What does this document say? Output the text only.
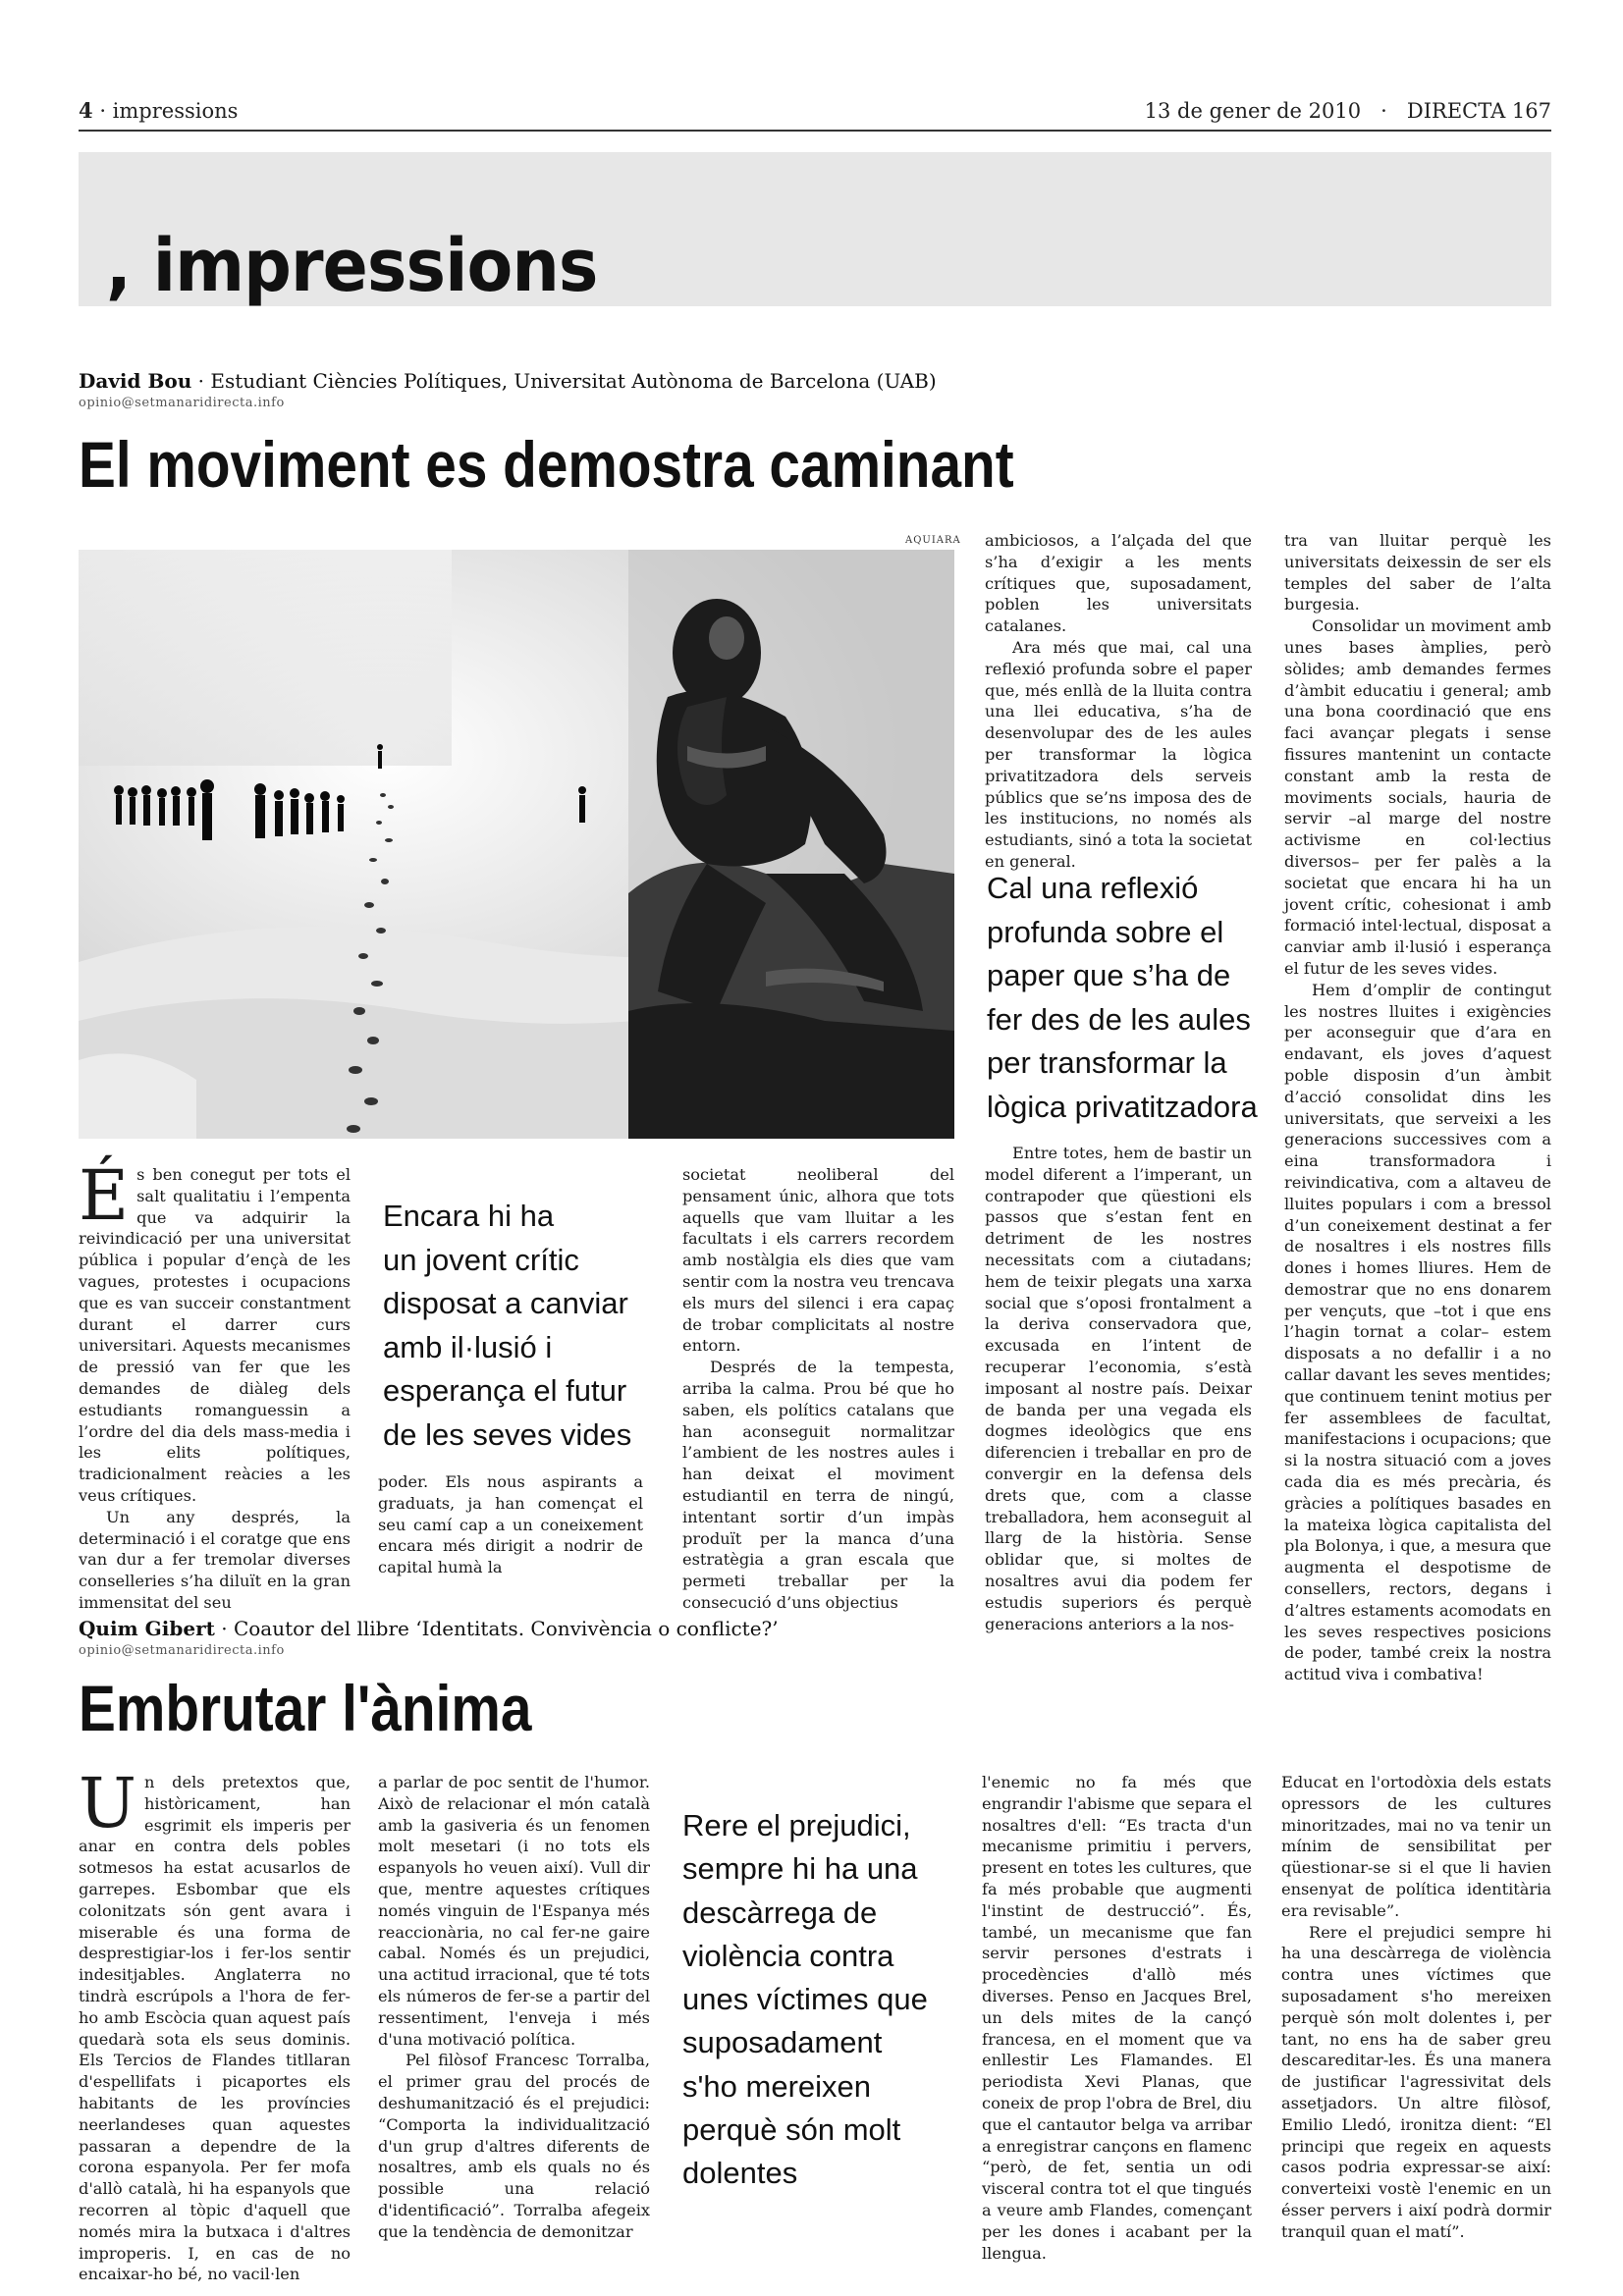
4 · impressions	13 de gener de 2010   ·   DIRECTA 167
, impressions
David Bou · Estudiant Ciències Polítiques, Universitat Autònoma de Barcelona (UAB)
opinio@setmanaridirecta.info
El moviment es demostra caminant
AQUIARA

És ben conegut per tots el salt qualitatiu i l’empenta que va adquirir la reivindicació per una universitat pública i popular d’ençà de les vagues, protestes i ocupacions que es van succeir constantment durant el darrer curs universitari. Aquests mecanismes de pressió van fer que les demandes de diàleg dels estudiants romanguessin a l’ordre del dia dels mass-media i les elits polítiques, tradicionalment reàcies a les veus crítiques.

Un any després, la determinació i el coratge que ens van dur a fer tremolar diverses conselleries s’ha diluït en la gran immensitat del seu

Encara hi ha
un jovent crític
disposat a canviar
amb il·lusió i
esperança el futur
de les seves vides

poder. Els nous aspirants a graduats, ja han començat el seu camí cap a un coneixement encara més dirigit a nodrir de capital humà la

societat neoliberal del pensament únic, alhora que tots aquells que vam lluitar a les facultats i els carrers recordem amb nostàlgia els dies que vam sentir com la nostra veu trencava els murs del silenci i era capaç de trobar complicitats al nostre entorn.

Després de la tempesta, arriba la calma. Prou bé que ho saben, els polítics catalans que han aconseguit normalitzar l’ambient de les nostres aules i han deixat el moviment estudiantil en terra de ningú, intentant sortir d’un impàs produït per la manca d’una estratègia a gran escala que permeti treballar per la consecució d’uns objectius

ambiciosos, a l’alçada del que s’ha d’exigir a les ments crítiques que, suposadament, poblen les universitats catalanes.

Ara més que mai, cal una reflexió profunda sobre el paper que, més enllà de la lluita contra una llei educativa, s’ha de desenvolupar des de les aules per transformar la lògica privatitzadora dels serveis públics que se’ns imposa des de les institucions, no només als estudiants, sinó a tota la societat en general.

Cal una reflexió
profunda sobre el
paper que s’ha de
fer des de les aules
per transformar la
lògica privatitzadora

Entre totes, hem de bastir un model diferent a l’imperant, un contrapoder que qüestioni els passos que s’estan fent en detriment de les nostres necessitats com a ciutadans; hem de teixir plegats una xarxa social que s’oposi frontalment a la deriva conservadora que, excusada en l’intent de recuperar l’economia, s’està imposant al nostre país. Deixar de banda per una vegada els dogmes ideològics que ens diferencien i treballar en pro de convergir en la defensa dels drets que, com a classe treballadora, hem aconseguit al llarg de la història. Sense oblidar que, si moltes de nosaltres avui dia podem fer estudis superiors és perquè generacions anteriors a la nos-

tra van lluitar perquè les universitats deixessin de ser els temples del saber de l’alta burgesia.

Consolidar un moviment amb unes bases àmplies, però sòlides; amb demandes fermes d’àmbit educatiu i general; amb una bona coordinació que ens faci avançar plegats i sense fissures mantenint un contacte constant amb la resta de moviments socials, hauria de servir –al marge del nostre activisme en col·lectius diversos– per fer palès a la societat que encara hi ha un jovent crític, cohesionat i amb formació intel·lectual, disposat a canviar amb il·lusió i esperança el futur de les seves vides.

Hem d’omplir de contingut les nostres lluites i exigències per aconseguir que d’ara en endavant, els joves d’aquest poble disposin d’un àmbit d’acció consolidat dins les universitats, que serveixi a les generacions successives com a eina transformadora i reivindicativa, com a altaveu de lluites populars i com a bressol d’un coneixement destinat a fer de nosaltres i els nostres fills dones i homes lliures. Hem de demostrar que no ens donarem per vençuts, que –tot i que ens l’hagin tornat a colar– estem disposats a no defallir i a no callar davant les seves mentides; que continuem tenint motius per fer assemblees de facultat, manifestacions i ocupacions; que si la nostra situació com a joves cada dia es més precària, és gràcies a polítiques basades en la mateixa lògica capitalista del pla Bolonya, i que, a mesura que augmenta el despotisme de consellers, rectors, degans i d’altres estaments acomodats en les seves respectives posicions de poder, també creix la nostra actitud viva i combativa!

Quim Gibert · Coautor del llibre ‘Identitats. Convivència o conflicte?’
opinio@setmanaridirecta.info
Embrutar l'ànima

Un dels pretextos que, històricament, han esgrimit els imperis per anar en contra dels pobles sotmesos ha estat acusarlos de garrepes. Esbombar que els colonitzats són gent avara i miserable és una forma de desprestigiar-los i fer-los sentir indesitjables. Anglaterra no tindrà escrúpols a l'hora de fer-ho amb Escòcia quan aquest país quedarà sota els seus dominis. Els Tercios de Flandes titllaran d'espellifats i picaportes els habitants de les províncies neerlandeses quan aquestes passaran a dependre de la corona espanyola. Per fer mofa d'allò català, hi ha espanyols que recorren al tòpic d'aquell que només mira la butxaca i d'altres improperis. I, en cas de no encaixar-ho bé, no vacil·len

a parlar de poc sentit de l'humor. Això de relacionar el món català amb la gasiveria és un fenomen molt mesetari (i no tots els espanyols ho veuen així). Vull dir que, mentre aquestes crítiques només vinguin de l'Espanya més reaccionària, no cal fer-ne gaire cabal. Només és un prejudici, una actitud irracional, que té tots els números de fer-se a partir del ressentiment, l'enveja i més d'una motivació política.

Pel filòsof Francesc Torralba, el primer grau del procés de deshumanització és el prejudici: “Comporta la individualització d'un grup d'altres diferents de nosaltres, amb els quals no és possible una relació d'identificació”. Torralba afegeix que la tendència de demonitzar

Rere el prejudici,
sempre hi ha una
descàrrega de
violència contra
unes víctimes que
suposadament
s'ho mereixen
perquè són molt
dolentes

l'enemic no fa més que engrandir l'abisme que separa el nosaltres d'ell: “Es tracta d'un mecanisme primitiu i pervers, present en totes les cultures, que fa més probable que augmenti l'instint de destrucció”. És, també, un mecanisme que fan servir persones d'estrats i procedències d'allò més diverses. Penso en Jacques Brel, un dels mites de la cançó francesa, en el moment que va enllestir Les Flamandes. El periodista Xevi Planas, que coneix de prop l'obra de Brel, diu que el cantautor belga va arribar a enregistrar cançons en flamenc “però, de fet, sentia un odi visceral contra tot el que tingués a veure amb Flandes, començant per les dones i acabant per la llengua.

Educat en l'ortodòxia dels estats opressors de les cultures minoritzades, mai no va tenir un mínim de sensibilitat per qüestionar-se si el que li havien ensenyat de política identitària era revisable”.

Rere el prejudici sempre hi ha una descàrrega de violència contra unes víctimes que suposadament s'ho mereixen perquè són molt dolentes i, per tant, no ens ha de saber greu descareditar-les. És una manera de justificar l'agressivitat dels assetjadors. Un altre filòsof, Emilio Lledó, ironitza dient: “El principi que regeix en aquests casos podria expressar-se així: converteixi vostè l'enemic en un ésser pervers i així podrà dormir tranquil quan el matí”.
